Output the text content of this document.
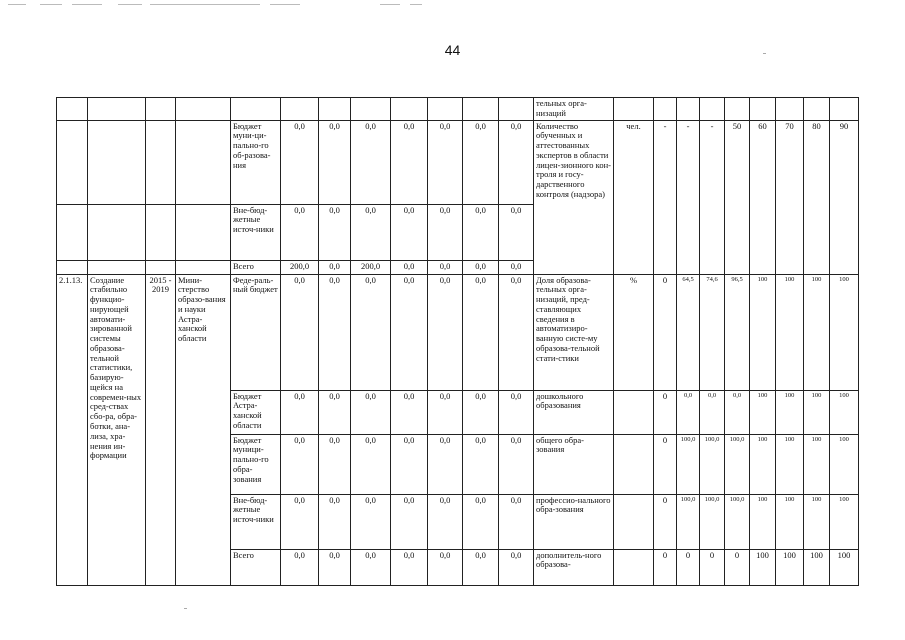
44
												тельных орга-
низаций									
				Бюджет муни-ци-пально-го об-разова-ния	0,0	0,0	0,0	0,0	0,0	0,0	0,0	Количество обученных и аттестованных экспертов в области лицен-зионного кон-троля и госу-дарственного контроля (надзора)	чел.	-	-	-	50	60	70	80	90
				Вне-бюд-жетные источ-ники	0,0	0,0	0,0	0,0	0,0	0,0	0,0										
				Всего	200,0	0,0	200,0	0,0	0,0	0,0	0,0										
2.1.13.	Создание стабильно функцио-нирующей автомати-зированной системы образова-тельной статистики, базирую-щейся на современ-ных сред-ствах сбо-ра, обра-ботки, ана-лиза, хра-нения ин-формации	2015 - 2019	Мини-стерство образо-вания и науки Астра-ханской области	Феде-раль-ный бюджет	0,0	0,0	0,0	0,0	0,0	0,0	0,0	Доля образова-тельных орга-низаций, пред-ставляющих сведения в автоматизиро-ванную систе-му образова-тельной стати-стики	%	0	64,5	74,6	96,5	100	100	100	100
				Бюджет Астра-ханской области	0,0	0,0	0,0	0,0	0,0	0,0	0,0	дошкольного образования		0	0,0	0,0	0,0	100	100	100	100
				Бюджет муници-пально-го обра-зования	0,0	0,0	0,0	0,0	0,0	0,0	0,0	общего обра-зования		0	100,0	100,0	100,0	100	100	100	100
				Вне-бюд-жетные источ-ники	0,0	0,0	0,0	0,0	0,0	0,0	0,0	профессио-нального обра-зования		0	100,0	100,0	100,0	100	100	100	100
				Всего	0,0	0,0	0,0	0,0	0,0	0,0	0,0	дополнитель-ного образова-		0	0	0	0	100	100	100	100
